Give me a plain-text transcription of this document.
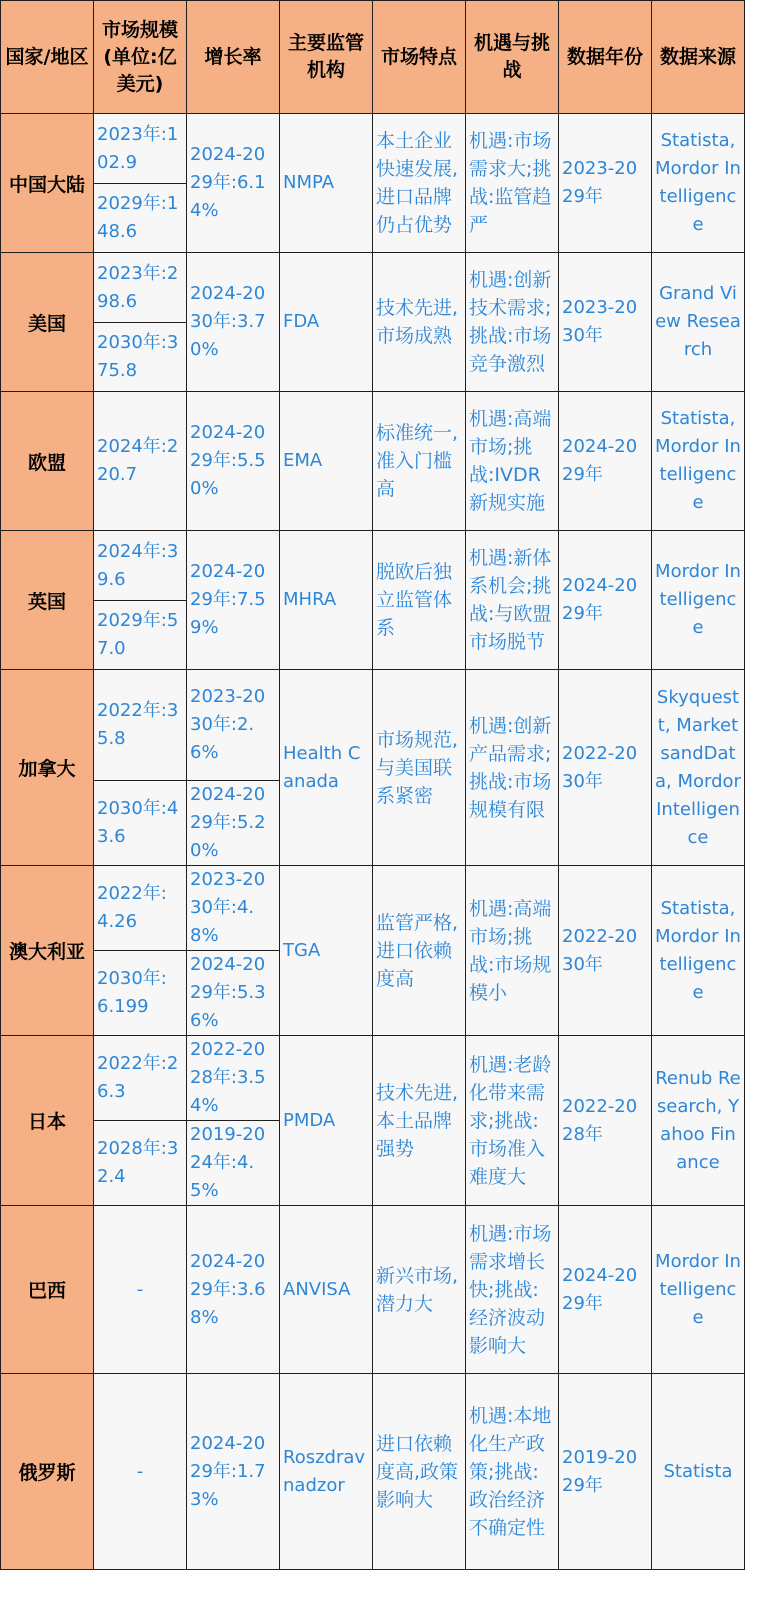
国家/地区	市场规模(单位:亿美元)	增长率	主要监管机构	市场特点	机遇与挑战	数据年份	数据来源
中国大陆	2023年:102.9	2024-2029年:6.14%	NMPA	本土企业快速发展,进口品牌仍占优势	机遇:市场需求大;挑战:监管趋严	2023-2029年	Statista, Mordor Intelligence
	2029年:148.6						
美国	2023年:298.6	2024-2030年:3.70%	FDA	技术先进,市场成熟	机遇:创新技术需求;挑战:市场竞争激烈	2023-2030年	Grand View Research
	2030年:375.8						
欧盟	2024年:220.7	2024-2029年:5.50%	EMA	标准统一,准入门槛高	机遇:高端市场;挑战:IVDR新规实施	2024-2029年	Statista, Mordor Intelligence
英国	2024年:39.6	2024-2029年:7.59%	MHRA	脱欧后独立监管体系	机遇:新体系机会;挑战:与欧盟市场脱节	2024-2029年	Mordor Intelligence
	2029年:57.0						
加拿大	2022年:35.8	2023-2030年:2.6%	Health Canada	市场规范,与美国联系紧密	机遇:创新产品需求;挑战:市场规模有限	2022-2030年	Skyquestt, MarketsandData, Mordor Intelligence
	2030年:43.6	2024-2029年:5.20%					
澳大利亚	2022年:4.26	2023-2030年:4.8%	TGA	监管严格,进口依赖度高	机遇:高端市场;挑战:市场规模小	2022-2030年	Statista, Mordor Intelligence
	2030年:6.199	2024-2029年:5.36%					
日本	2022年:26.3	2022-2028年:3.54%	PMDA	技术先进,本土品牌强势	机遇:老龄化带来需求;挑战:市场准入难度大	2022-2028年	Renub Research, Yahoo Finance
	2028年:32.4	2019-2024年:4.5%					
巴西	-	2024-2029年:3.68%	ANVISA	新兴市场,潜力大	机遇:市场需求增长快;挑战:经济波动影响大	2024-2029年	Mordor Intelligence
俄罗斯	-	2024-2029年:1.73%	Roszdravnadzor	进口依赖度高,政策影响大	机遇:本地化生产政策;挑战:政治经济不确定性	2019-2029年	Statista
